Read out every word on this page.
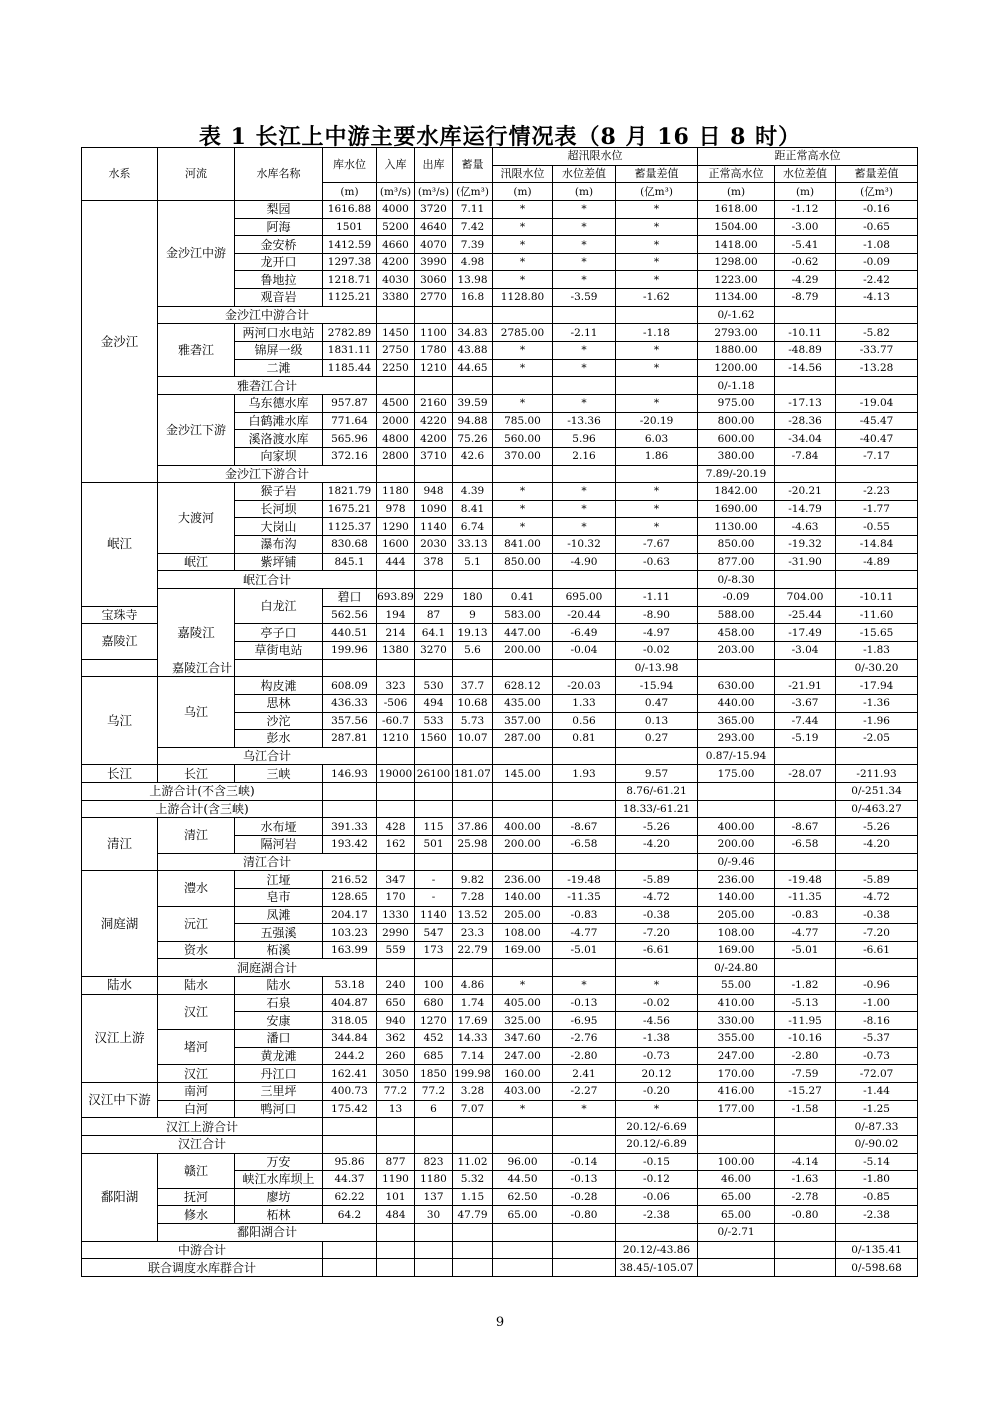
表 1 长江上中游主要水库运行情况表（8 月 16 日 8 时）
水系	河流	水库名称	库水位	入库	出库	蓄量	超汛限水位			距正常高水位			
							汛限水位	水位差值	蓄量差值	正常高水位	水位差值	蓄量差值	
			(m)	(m³/s)	(m³/s)	(亿m³)	(m)	(m)	(亿m³)	(m)	(m)	(亿m³)	
金沙江	金沙江中游	梨园	1616.88	4000	3720	7.11	*	*	*	1618.00	-1.12	-0.16	
		阿海	1501	5200	4640	7.42	*	*	*	1504.00	-3.00	-0.65	
		金安桥	1412.59	4660	4070	7.39	*	*	*	1418.00	-5.41	-1.08	
		龙开口	1297.38	4200	3990	4.98	*	*	*	1298.00	-0.62	-0.09	
		鲁地拉	1218.71	4030	3060	13.98	*	*	*	1223.00	-4.29	-2.42	
		观音岩	1125.21	3380	2770	16.8	1128.80	-3.59	-1.62	1134.00	-8.79	-4.13	
	金沙江中游合计									0/-1.62			
	雅砻江	两河口水电站	2782.89	1450	1100	34.83	2785.00	-2.11	-1.18	2793.00	-10.11	-5.82	
		锦屏一级	1831.11	2750	1780	43.88	*	*	*	1880.00	-48.89	-33.77	
		二滩	1185.44	2250	1210	44.65	*	*	*	1200.00	-14.56	-13.28	
	雅砻江合计									0/-1.18			
	金沙江下游	乌东德水库	957.87	4500	2160	39.59	*	*	*	975.00	-17.13	-19.04	
		白鹤滩水库	771.64	2000	4220	94.88	785.00	-13.36	-20.19	800.00	-28.36	-45.47	
		溪洛渡水库	565.96	4800	4200	75.26	560.00	5.96	6.03	600.00	-34.04	-40.47	
		向家坝	372.16	2800	3710	42.6	370.00	2.16	1.86	380.00	-7.84	-7.17	
	金沙江下游合计									7.89/-20.19			
岷江	大渡河	猴子岩	1821.79	1180	948	4.39	*	*	*	1842.00	-20.21	-2.23	
		长河坝	1675.21	978	1090	8.41	*	*	*	1690.00	-14.79	-1.77	
		大岗山	1125.37	1290	1140	6.74	*	*	*	1130.00	-4.63	-0.55	
		瀑布沟	830.68	1600	2030	33.13	841.00	-10.32	-7.67	850.00	-19.32	-14.84	
	岷江	紫坪铺	845.1	444	378	5.1	850.00	-4.90	-0.63	877.00	-31.90	-4.89	
	岷江合计									0/-8.30			
	嘉陵江	白龙江	碧口	693.89	229	180	0.41	695.00	-1.11	-0.09	704.00	-10.11	
宝珠寺			562.56	194	87	9	583.00	-20.44	-8.90	588.00	-25.44	-11.60	
嘉陵江		亭子口	440.51	214	64.1	19.13	447.00	-6.49	-4.97	458.00	-17.49	-15.65	
		草街电站	199.96	1380	3270	5.6	200.00	-0.04	-0.02	203.00	-3.04	-1.83	
嘉陵江合计									0/-13.98			0/-30.20	
乌江	乌江	构皮滩	608.09	323	530	37.7	628.12	-20.03	-15.94	630.00	-21.91	-17.94	
		思林	436.33	-506	494	10.68	435.00	1.33	0.47	440.00	-3.67	-1.36	
		沙沱	357.56	-60.7	533	5.73	357.00	0.56	0.13	365.00	-7.44	-1.96	
		彭水	287.81	1210	1560	10.07	287.00	0.81	0.27	293.00	-5.19	-2.05	
	乌江合计									0.87/-15.94			
长江	长江	三峡	146.93	19000	26100	181.07	145.00	1.93	9.57	175.00	-28.07	-211.93	
上游合计(不含三峡)									8.76/-61.21			0/-251.34	
上游合计(含三峡)									18.33/-61.21			0/-463.27	
清江	清江	水布垭	391.33	428	115	37.86	400.00	-8.67	-5.26	400.00	-8.67	-5.26	
		隔河岩	193.42	162	501	25.98	200.00	-6.58	-4.20	200.00	-6.58	-4.20	
	清江合计									0/-9.46			
洞庭湖	澧水	江垭	216.52	347	-	9.82	236.00	-19.48	-5.89	236.00	-19.48	-5.89	
		皂市	128.65	170	-	7.28	140.00	-11.35	-4.72	140.00	-11.35	-4.72	
	沅江	凤滩	204.17	1330	1140	13.52	205.00	-0.83	-0.38	205.00	-0.83	-0.38	
		五强溪	103.23	2990	547	23.3	108.00	-4.77	-7.20	108.00	-4.77	-7.20	
	资水	柘溪	163.99	559	173	22.79	169.00	-5.01	-6.61	169.00	-5.01	-6.61	
	洞庭湖合计									0/-24.80			
陆水	陆水	陆水	53.18	240	100	4.86	*	*	*	55.00	-1.82	-0.96	
汉江上游	汉江	石泉	404.87	650	680	1.74	405.00	-0.13	-0.02	410.00	-5.13	-1.00	
		安康	318.05	940	1270	17.69	325.00	-6.95	-4.56	330.00	-11.95	-8.16	
	堵河	潘口	344.84	362	452	14.33	347.60	-2.76	-1.38	355.00	-10.16	-5.37	
		黄龙滩	244.2	260	685	7.14	247.00	-2.80	-0.73	247.00	-2.80	-0.73	
	汉江	丹江口	162.41	3050	1850	199.98	160.00	2.41	20.12	170.00	-7.59	-72.07	
汉江中下游	南河	三里坪	400.73	77.2	77.2	3.28	403.00	-2.27	-0.20	416.00	-15.27	-1.44	
	白河	鸭河口	175.42	13	6	7.07	*	*	*	177.00	-1.58	-1.25	
汉江上游合计									20.12/-6.69			0/-87.33	
汉江合计									20.12/-6.89			0/-90.02	
鄱阳湖	赣江	万安	95.86	877	823	11.02	96.00	-0.14	-0.15	100.00	-4.14	-5.14	
		峡江水库坝上	44.37	1190	1180	5.32	44.50	-0.13	-0.12	46.00	-1.63	-1.80	
	抚河	廖坊	62.22	101	137	1.15	62.50	-0.28	-0.06	65.00	-2.78	-0.85	
	修水	柘林	64.2	484	30	47.79	65.00	-0.80	-2.38	65.00	-0.80	-2.38	
	鄱阳湖合计									0/-2.71			
中游合计									20.12/-43.86			0/-135.41	
联合调度水库群合计									38.45/-105.07			0/-598.68	
9
